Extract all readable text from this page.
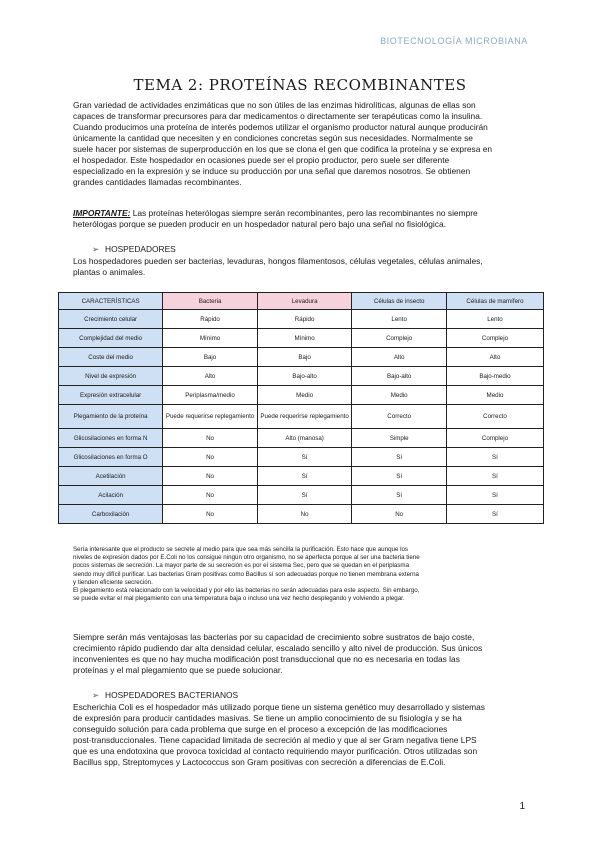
BIOTECNOLOGÍA MICROBIANA
TEMA 2: PROTEÍNAS RECOMBINANTES

Gran variedad de actividades enzimáticas que no son útiles de las enzimas hidrolíticas, algunas de ellas son

capaces de transformar precursores para dar medicamentos o directamente ser terapéuticas como la insulina.

Cuando producimos una proteína de interés podemos utilizar el organismo productor natural aunque producirán

únicamente la cantidad que necesiten y en condiciones concretas según sus necesidades. Normalmente se

suele hacer por sistemas de superproducción en los que se clona el gen que codifica la proteína y se expresa en

el hospedador. Este hospedador en ocasiones puede ser el propio productor, pero suele ser diferente

especializado en la expresión y se induce su producción por una señal que daremos nosotros. Se obtienen

grandes cantidades llamadas recombinantes.

IMPORTANTE: Las proteínas heterólogas siempre serán recombinantes, pero las recombinantes no siempre

heterólogas porque se pueden producir en un hospedador natural pero bajo una señal no fisiológica.

➢ HOSPEDADORES

Los hospedadores pueden ser bacterias, levaduras, hongos filamentosos, células vegetales, células animales,

plantas o animales.

CARACTERÍSTICAS	Bacteria	Levadura	Células de insecto	Células de mamífero
Crecimiento celular	Rápido	Rápido	Lento	Lento
Complejidad del medio	Mínimo	Mínimo	Complejo	Complejo
Coste del medio	Bajo	Bajo	Alto	Alto
Nivel de expresión	Alto	Bajo-alto	Bajo-alto	Bajo-medio
Expresión extracelular	Periplasma/medio	Medio	Medio	Medio
Plegamiento de la proteína	Puede requerirse replegamiento	Puede requerirse replegamiento	Correcto	Correcto
Glicosilaciones en forma N	No	Alto (manosa)	Simple	Complejo
Glicosilaciones en forma O	No	Sí	Sí	Sí
Acetilación	No	Sí	Sí	Sí
Acilación	No	Sí	Sí	Sí
Carboxilación	No	No	No	Sí

Sería interesante que el producto se secrete al medio para que sea más sencilla la purificación. Esto hace que aunque los

niveles de expresión dados por E.Coli no los consigue ningún otro organismo, no se aperfecta porque al ser una bacteria tiene

pocos sistemas de secreción. La mayor parte de su secreción es por el sistema Sec, pero que se quedan en el periplasma

siendo muy difícil purificar. Las bacterias Gram positivas como Bacillus sí son adecuadas porque no tienen membrana externa

y tienden eficiente secreción.

El plegamiento está relacionado con la velocidad y por ello las bacterias no serán adecuadas para este aspecto. Sin embargo,

se puede evitar el mal plegamiento con una temperatura baja o incluso una vez hecho desplegando y volviendo a plegar.

Siempre serán más ventajosas las bacterias por su capacidad de crecimiento sobre sustratos de bajo coste,

crecimiento rápido pudiendo dar alta densidad celular, escalado sencillo y alto nivel de producción. Sus únicos

inconvenientes es que no hay mucha modificación post transduccional que no es necesaria en todas las

proteínas y el mal plegamiento que se puede solucionar.

➢ HOSPEDADORES BACTERIANOS

Escherichia Coli es el hospedador más utilizado porque tiene un sistema genético muy desarrollado y sistemas

de expresión para producir cantidades masivas. Se tiene un amplio conocimiento de su fisiología y se ha

conseguido solución para cada problema que surge en el proceso a excepción de las modificaciones

post-transduccionales. Tiene capacidad limitada de secreción al medio y que al ser Gram negativa tiene LPS

que es una endotoxina que provoca toxicidad al contacto requiriendo mayor purificación. Otros utilizadas son

Bacillus spp, Streptomyces y Lactococcus son Gram positivas con secreción a diferencias de E.Coli.

1
